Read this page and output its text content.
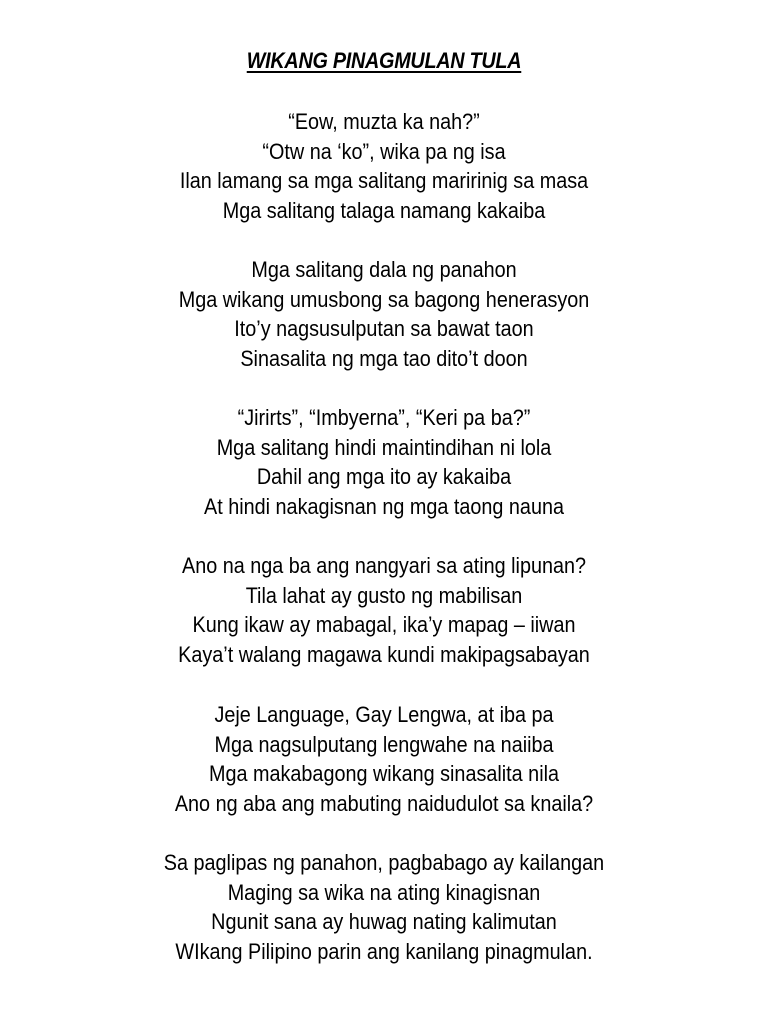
WIKANG PINAGMULAN TULA
“Eow, muzta ka nah?”
“Otw na ‘ko”, wika pa ng isa
Ilan lamang sa mga salitang maririnig sa masa
Mga salitang talaga namang kakaiba
Mga salitang dala ng panahon
Mga wikang umusbong sa bagong henerasyon
Ito’y nagsusulputan sa bawat taon
Sinasalita ng mga tao dito’t doon
“Jirirts”, “Imbyerna”, “Keri pa ba?”
Mga salitang hindi maintindihan ni lola
Dahil ang mga ito ay kakaiba
At hindi nakagisnan ng mga taong nauna
Ano na nga ba ang nangyari sa ating lipunan?
Tila lahat ay gusto ng mabilisan
Kung ikaw ay mabagal, ika’y mapag – iiwan
Kaya’t walang magawa kundi makipagsabayan
Jeje Language, Gay Lengwa, at iba pa
Mga nagsulputang lengwahe na naiiba
Mga makabagong wikang sinasalita nila
Ano ng aba ang mabuting naidudulot sa knaila?
Sa paglipas ng panahon, pagbabago ay kailangan
Maging sa wika na ating kinagisnan
Ngunit sana ay huwag nating kalimutan
WIkang Pilipino parin ang kanilang pinagmulan.
